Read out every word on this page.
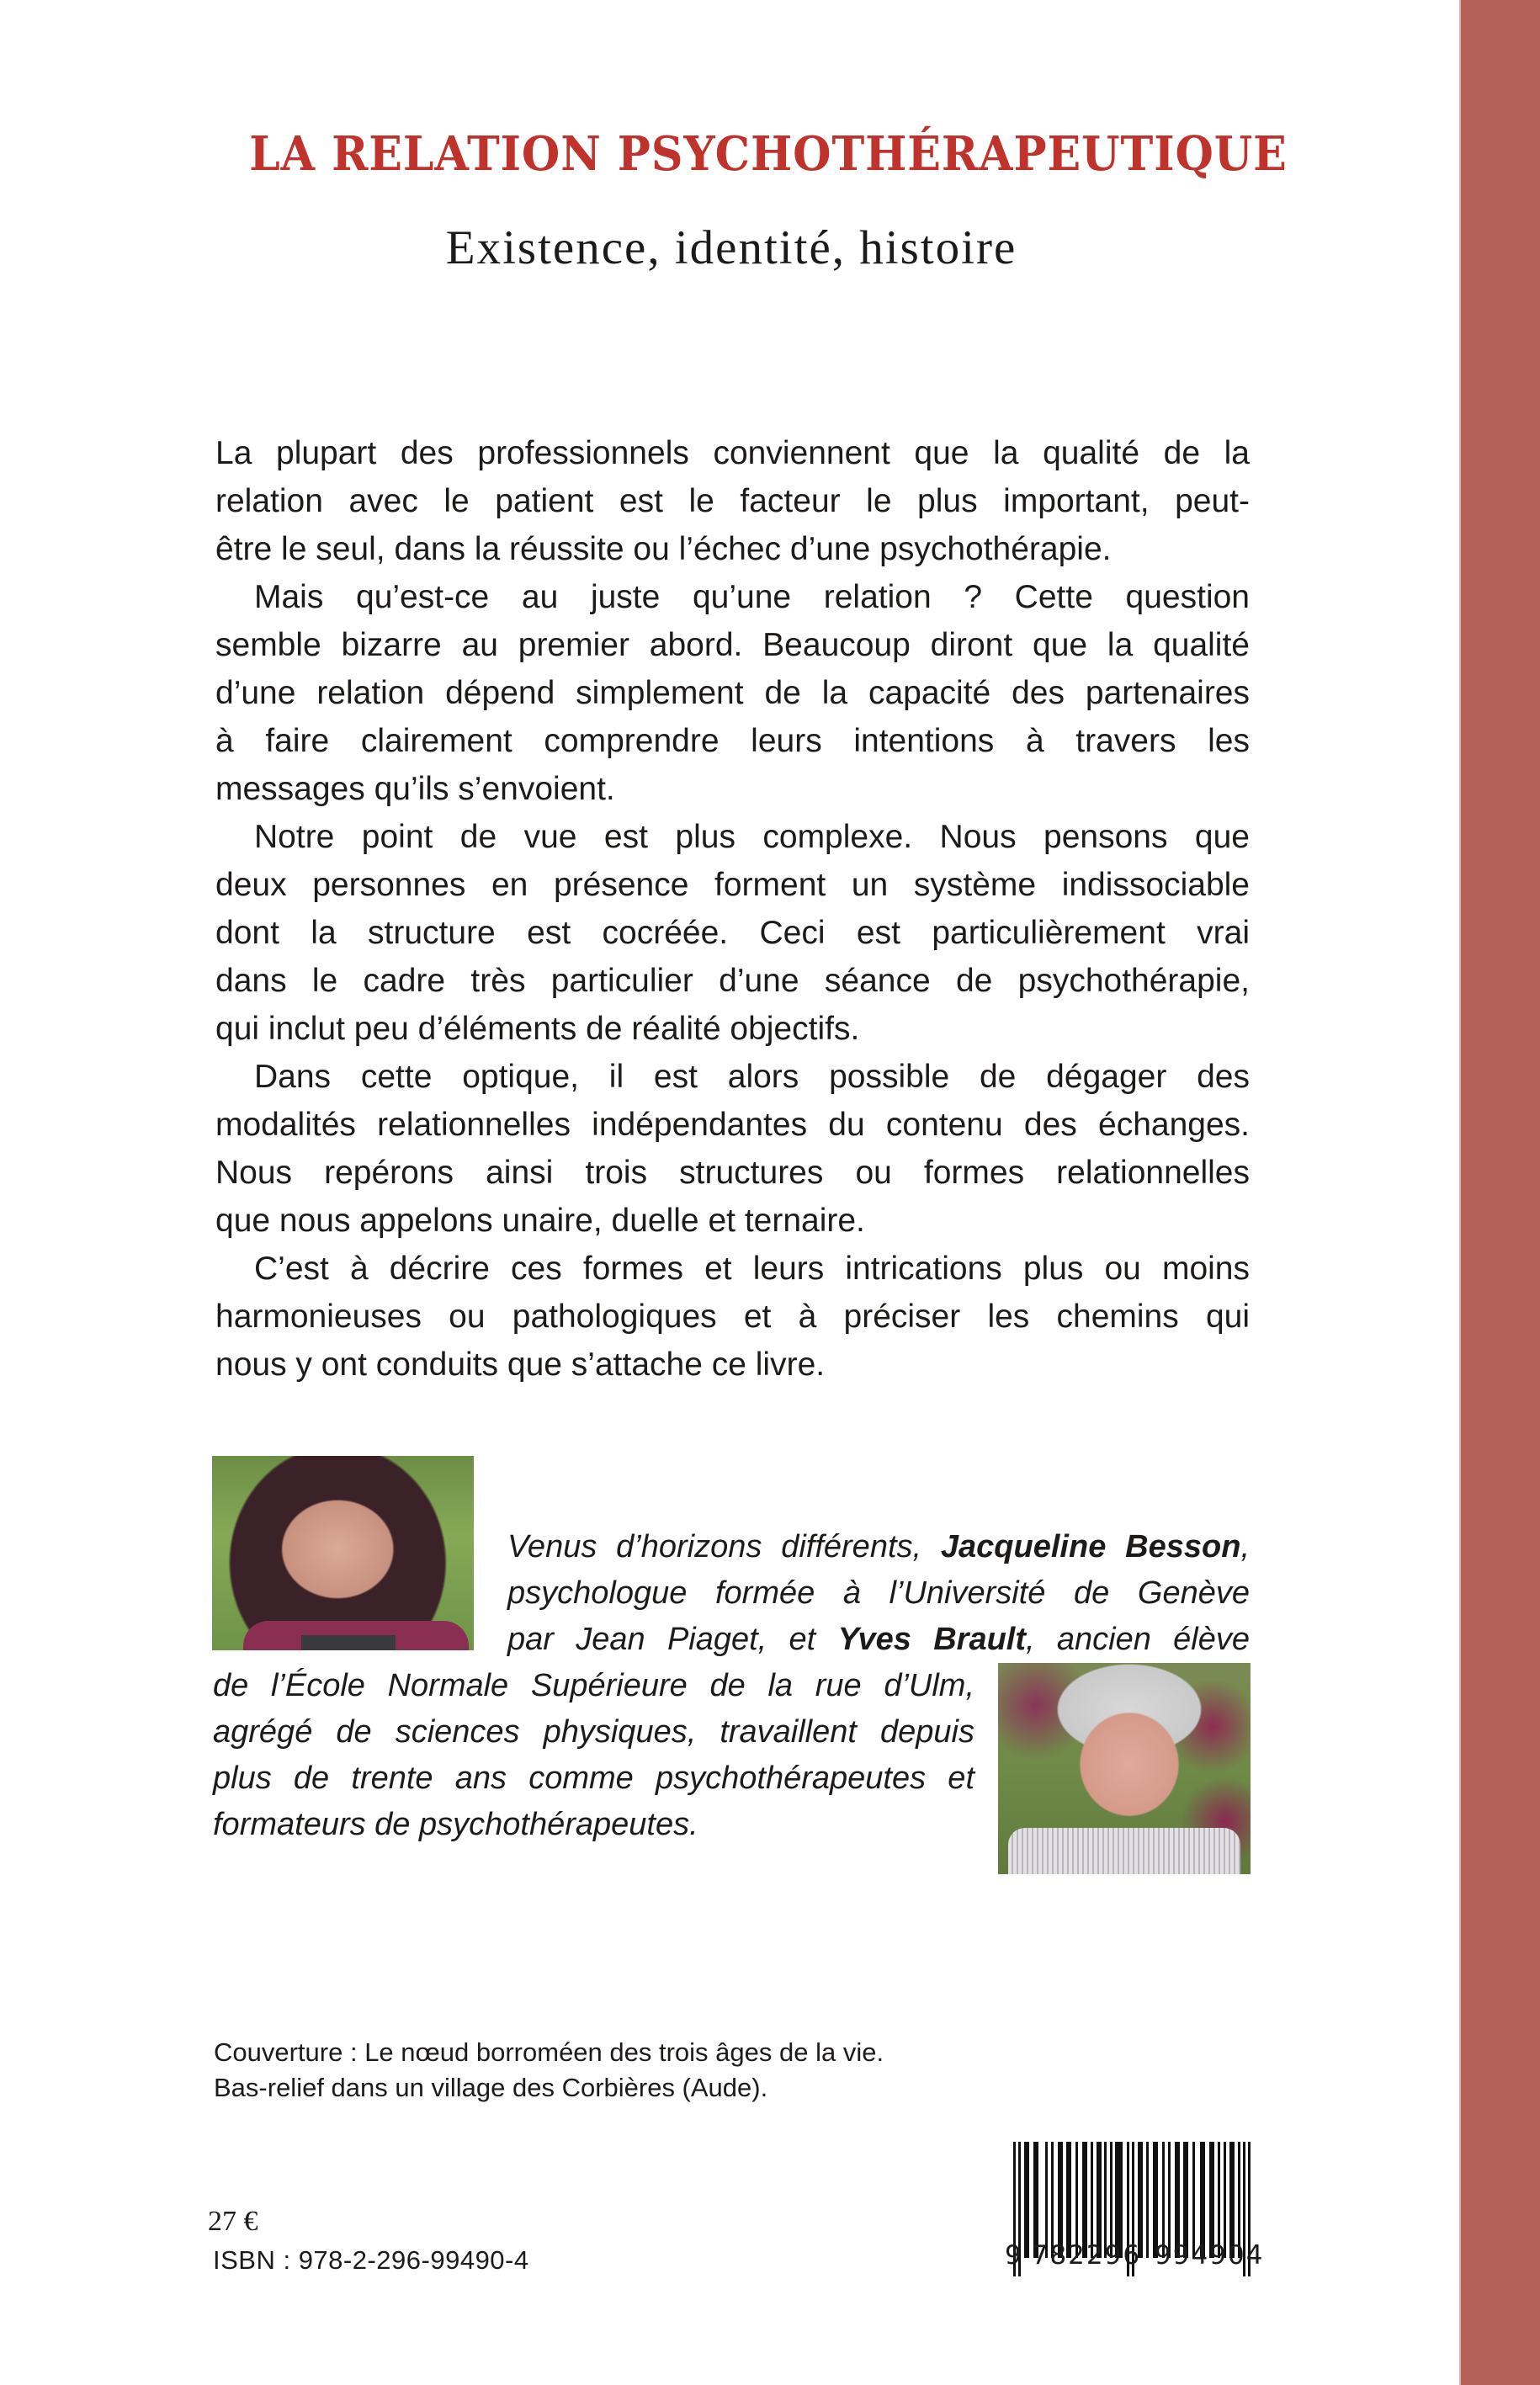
LA RELATION PSYCHOTHÉRAPEUTIQUE
Existence, identité, histoire
La plupart des professionnels conviennent que la qualité de la
relation avec le patient est le facteur le plus important, peut-
être le seul, dans la réussite ou l’échec d’une psychothérapie.
Mais qu’est-ce au juste qu’une relation ? Cette question
semble bizarre au premier abord. Beaucoup diront que la qualité
d’une relation dépend simplement de la capacité des partenaires
à faire clairement comprendre leurs intentions à travers les
messages qu’ils s’envoient.
Notre point de vue est plus complexe. Nous pensons que
deux personnes en présence forment un système indissociable
dont la structure est cocréée. Ceci est particulièrement vrai
dans le cadre très particulier d’une séance de psychothérapie,
qui inclut peu d’éléments de réalité objectifs.
Dans cette optique, il est alors possible de dégager des
modalités relationnelles indépendantes du contenu des échanges.
Nous repérons ainsi trois structures ou formes relationnelles
que nous appelons unaire, duelle et ternaire.
C’est à décrire ces formes et leurs intrications plus ou moins
harmonieuses ou pathologiques et à préciser les chemins qui
nous y ont conduits que s’attache ce livre.
Venus d’horizons différents, Jacqueline Besson,
psychologue formée à l’Université de Genève
par Jean Piaget, et Yves Brault, ancien élève
de l’École Normale Supérieure de la rue d’Ulm,
agrégé de sciences physiques, travaillent depuis
plus de trente ans comme psychothérapeutes et
formateurs de psychothérapeutes.
Couverture : Le nœud borroméen des trois âges de la vie.
Bas-relief dans un village des Corbières (Aude).
27 €
ISBN : 978-2-296-99490-4	9 782296 994904
